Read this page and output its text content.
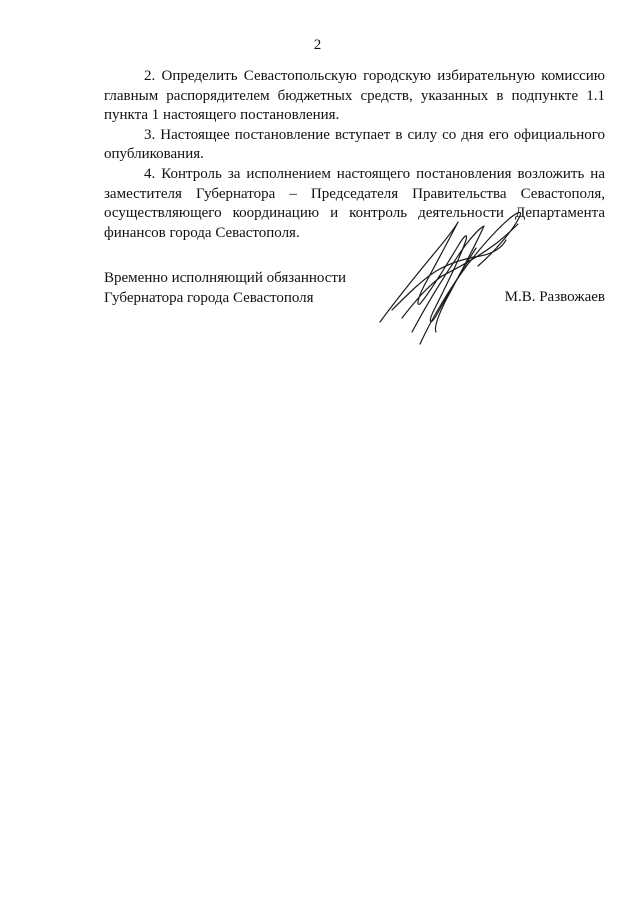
2

2. Определить Севастопольскую городскую избирательную комиссию главным распорядителем бюджетных средств, указанных в подпункте 1.1 пункта 1 настоящего постановления.

3. Настоящее постановление вступает в силу со дня его официального опубликования.

4. Контроль за исполнением настоящего постановления возложить на заместителя Губернатора – Председателя Правительства Севастополя, осуществляющего координацию и контроль деятельности Департамента финансов города Севастополя.

Временно исполняющий обязанности
Губернатора города Севастополя	М.В. Развожаев
